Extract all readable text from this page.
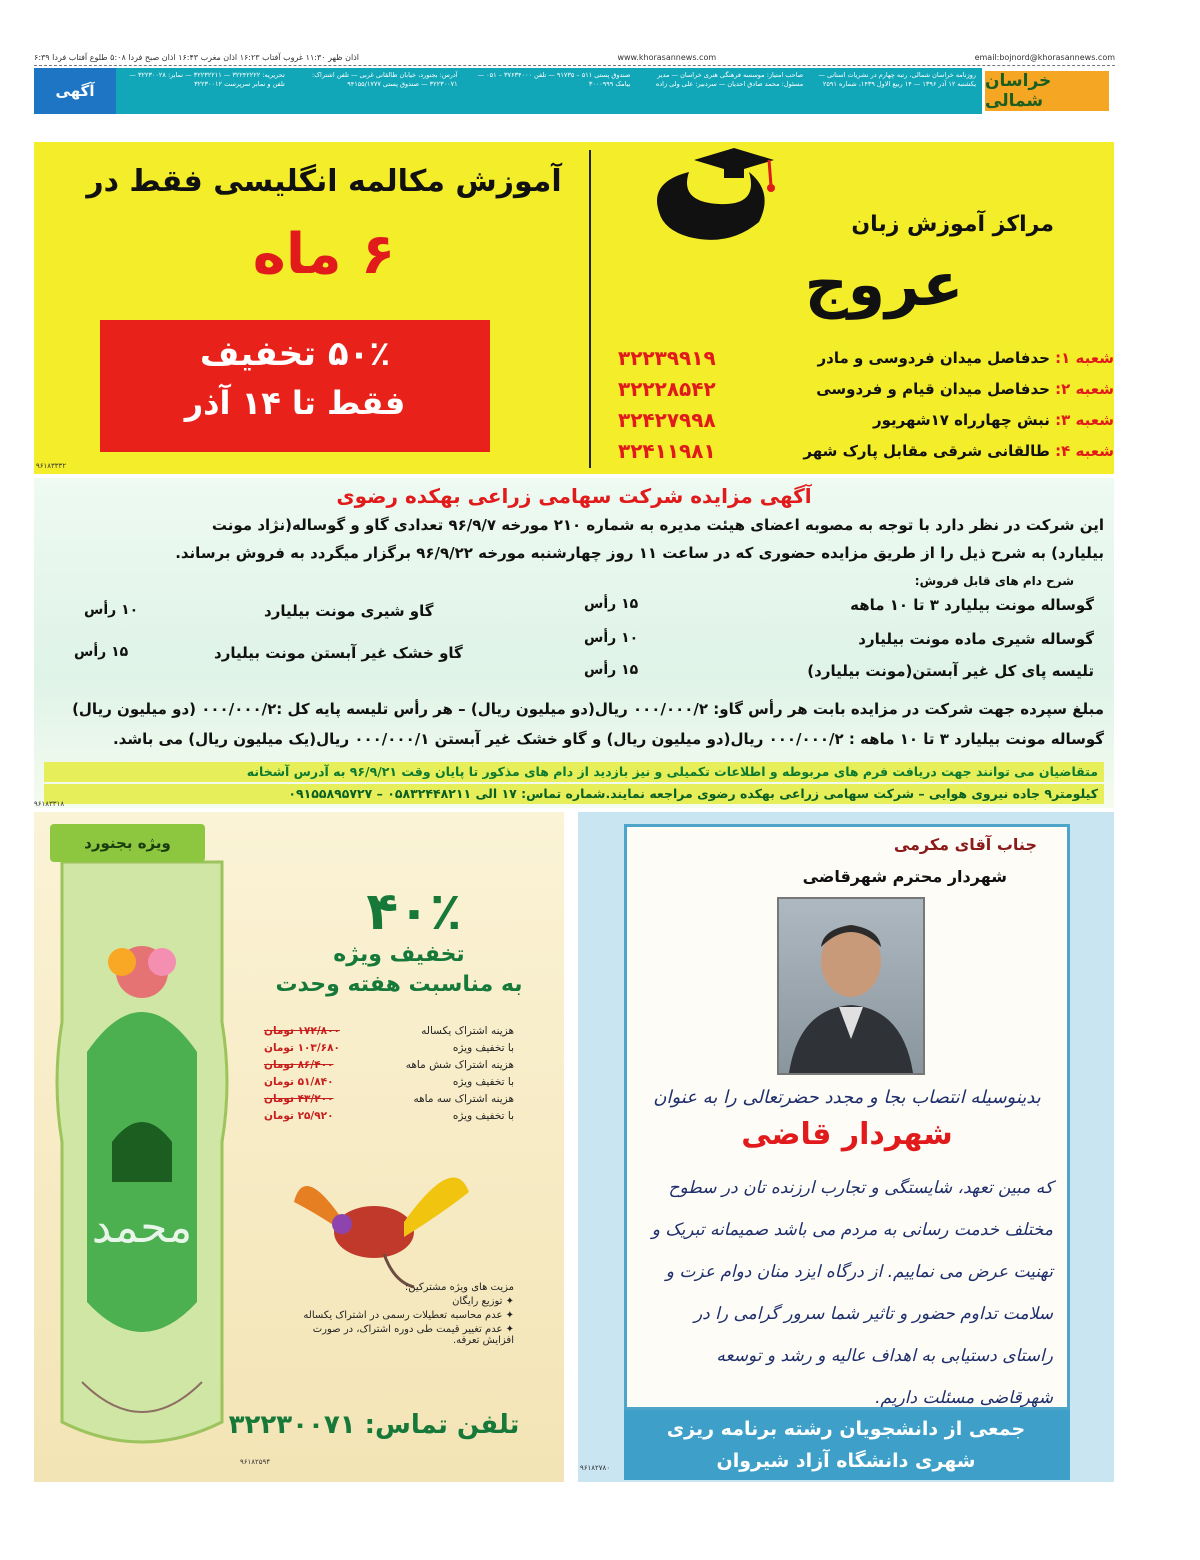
email:bojnord@khorasannews.com
www.khorasannews.com
اذان ظهر ۱۱:۳۰ غروب آفتاب ۱۶:۲۳ اذان مغرب ۱۶:۴۳ اذان صبح فردا ۵:۰۸ طلوع آفتاب فردا ۶:۳۹
آگهی
روزنامه خراسان شمالی، رتبه چهارم در نشریات استانی — یکشنبه ۱۲ آذر ۱۳۹۶ — ۱۴ ربیع الاول ۱۴۳۹، شماره ۲۵۹۱
صاحب امتیاز: موسسه فرهنگی هنری خراسان — مدیر مسئول: محمد صادق احدیان — سردبیر: علی ولی زاده
صندوق پستی ۵۱۱ – ۹۱۷۳۵ — تلفن ۳۷۶۳۴۰۰۰ – ۰۵۱ — بیامک ۳۰۰۰۹۹۹
آدرس: بجنورد، خیابان طالقانی غربی — تلفن اشتراک: ۳۲۲۳۰۰۷۱ — صندوق پستی ۹۴۱۵۵/۱۷۷۷
تحریریه: ۳۲۲۴۲۲۲۲ — ۳۲۲۳۲۲۱۱ — نمابر: ۳۲۲۳۰۰۲۸ — تلفن و نمابر سرپرست ۳۲۲۳۰۰۱۲	خراسان شمالی
آموزش مکالمه انگلیسی فقط در
۶ ماه
۵۰٪ تخفیف
فقط تا ۱۴ آذر
مراکز آموزش زبان
عروج
شعبه ۱: حدفاصل میدان فردوسی و مادر
۳۲۲۳۹۹۱۹
شعبه ۲: حدفاصل میدان قیام و فردوسی
۳۲۲۲۸۵۴۲
شعبه ۳: نبش چهارراه ۱۷شهریور
۳۲۴۲۷۹۹۸
شعبه ۴: طالقانی شرقی مقابل پارک شهر
۳۲۴۱۱۹۸۱
۹۶۱۸۳۳۳۲
آگهی مزایده شرکت سهامی زراعی بهکده رضوی
این شرکت در نظر دارد با توجه به مصوبه اعضای هیئت مدیره به شماره ۲۱۰ مورخه ۹۶/۹/۷ تعدادی گاو و گوساله(نژاد مونت
بیلیارد) به شرح ذیل را از طریق مزایده حضوری که در ساعت ۱۱ روز چهارشنبه مورخه ۹۶/۹/۲۲ برگزار میگردد به فروش برساند.
شرح دام های قابل فروش:
گوساله مونت بیلیارد ۳ تا ۱۰ ماهه
۱۵ رأس
گوساله شیری ماده مونت بیلیارد
۱۰ رأس
تلیسه پای کل غیر آبستن(مونت بیلیارد)
۱۵ رأس
گاو شیری مونت بیلیارد
۱۰ رأس
گاو خشک غیر آبستن مونت بیلیارد
۱۵ رأس
مبلغ سپرده جهت شرکت در مزایده بابت هر رأس گاو: ۰۰۰/۰۰۰/۲ ریال(دو میلیون ریال) – هر رأس تلیسه پایه کل :۰۰۰/۰۰۰/۲ (دو میلیون ریال)
گوساله مونت بیلیارد ۳ تا ۱۰ ماهه : ۰۰۰/۰۰۰/۲ ریال(دو میلیون ریال) و گاو خشک غیر آبستن ۰۰۰/۰۰۰/۱ ریال(یک میلیون ریال) می باشد.
متقاضیان می توانند جهت دریافت فرم های مربوطه و اطلاعات تکمیلی و نیز بازدید از دام های مذکور تا پایان وقت ۹۶/۹/۲۱ به آدرس آشخانه
کیلومتر۹ جاده نیروی هوایی – شرکت سهامی زراعی بهکده رضوی مراجعه نمایند.شماره تماس: ۱۷ الی ۰۵۸۳۲۴۴۸۲۱۱ – ۰۹۱۵۵۸۹۵۷۲۷
۹۶۱۸۳۳۱۸
محمد
ویژه بجنورد
۴۰٪
تخفیف ویژه
به مناسبت هفته وحدت
هزینه اشتراک یکساله
۱۷۲/۸۰۰ تومان
با تخفیف ویژه
۱۰۳/۶۸۰ تومان
هزینه اشتراک شش ماهه
۸۶/۴۰۰ تومان
با تخفیف ویژه
۵۱/۸۴۰ تومان
هزینه اشتراک سه ماهه
۴۳/۲۰۰ تومان
با تخفیف ویژه
۲۵/۹۲۰ تومان
مزیت های ویژه مشترکین:
✦ توزیع رایگان
✦ عدم محاسبه تعطیلات رسمی در اشتراک یکساله
✦ عدم تغییر قیمت طی دوره اشتراک، در صورت افزایش تعرفه.
تلفن تماس: ۳۲۲۳۰۰۷۱
۹۶۱۸۲۵۹۴
جناب آقای مکرمی
شهردار محترم شهرقاضی
بدینوسیله انتصاب بجا و مجدد حضرتعالی را به عنوان
شهردار قاضی
که مبین تعهد، شایستگی و تجارب ارزنده تان در سطوح مختلف خدمت رسانی به مردم می باشد صمیمانه تبریک و تهنیت عرض می نماییم. از درگاه ایزد منان دوام عزت و سلامت تداوم حضور و تاثیر شما سرور گرامی را در راستای دستیابی به اهداف عالیه و رشد و توسعه شهرقاضی مسئلت داریم.
جمعی از دانشجویان رشته برنامه ریزی
شهری دانشگاه آزاد شیروان
۹۶۱۸۲۷۸۰
